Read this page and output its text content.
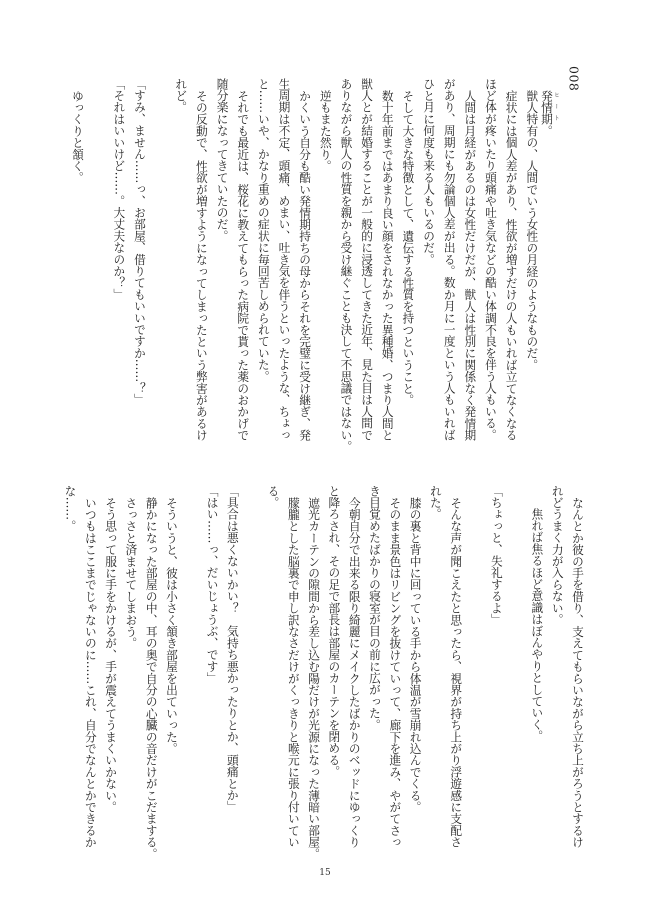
008

発情期 ヒート。

獣人特有の、人間でいう女性の月経のようなものだ。

症状には個人差があり、性欲が増すだけの人もいれば立てなくなる

ほど体が疼いたり頭痛や吐き気などの酷い体調不良を伴う人もいる。

人間は月経があるのは女性だけだが、獣人は性別に関係なく発情期

があり、周期にも勿論個人差が出る。数か月に一度という人もいれば

ひと月に何度も来る人もいるのだ。

そして大きな特徴として、遺伝する性質を持つということ。

数十年前まではあまり良い顔をされなかった異種婚、つまり人間と

獣人とが結婚することが一般的に浸透してきた近年、見た目は人間で

ありながら獣人の性質を親から受け継ぐことも決して不思議ではない。

逆もまた然り。

かくいう自分も酷い発情期持ちの母からそれを完璧に受け継ぎ、発

生周期は不定、頭痛、めまい、吐き気を伴うといったような、ちょっ

と……いや、かなり重めの症状に毎回苦しめられていた。

それでも最近は、桜花に教えてもらった病院で貰った薬のおかげで

随分楽になってきていたのだ。

その反動で、性欲が増すようになってしまったという弊害があるけ

れど。

「すみ、ません……っ、お部屋、借りてもいいですか……？」

「それはいいけど……。大丈夫なのか？」

ゆっくりと頷く。

なんとか彼の手を借り、支えてもらいながら立ち上がろうとするけ

れどうまく力が入らない。

焦れば焦るほど意識はぼんやりとしていく。

「ちょっと、失礼するよ」

そんな声が聞こえたと思ったら、視界が持ち上がり浮遊感に支配さ

れた。

膝の裏と背中に回っている手から体温が雪崩れ込んでくる。

そのまま景色はリビングを抜けていって、廊下を進み、やがてさっ

き目覚めたばかりの寝室が目の前に広がった。

今朝自分で出来る限り綺麗にメイクしたばかりのベッドにゆっくり

と降ろされ、その足で部長は部屋のカーテンを閉める。

遮光カーテンの隙間から差し込む陽だけが光源になった薄暗い部屋。

朦朧とした脳裏で申し訳なさだけがくっきりと喉元に張り付いてい

る。

「具合は悪くないかい？　気持ち悪かったりとか、頭痛とか」

「はい……っ、だいじょうぶ、です」

そういうと、彼は小さく頷き部屋を出ていった。

静かになった部屋の中、耳の奥で自分の心臓の音だけがこだまする。

さっさと済ませてしまおう。

そう思って服に手をかけるが、手が震えてうまくいかない。

いつもはここまでじゃないのに……これ、自分でなんとかできるか

な……。

15
